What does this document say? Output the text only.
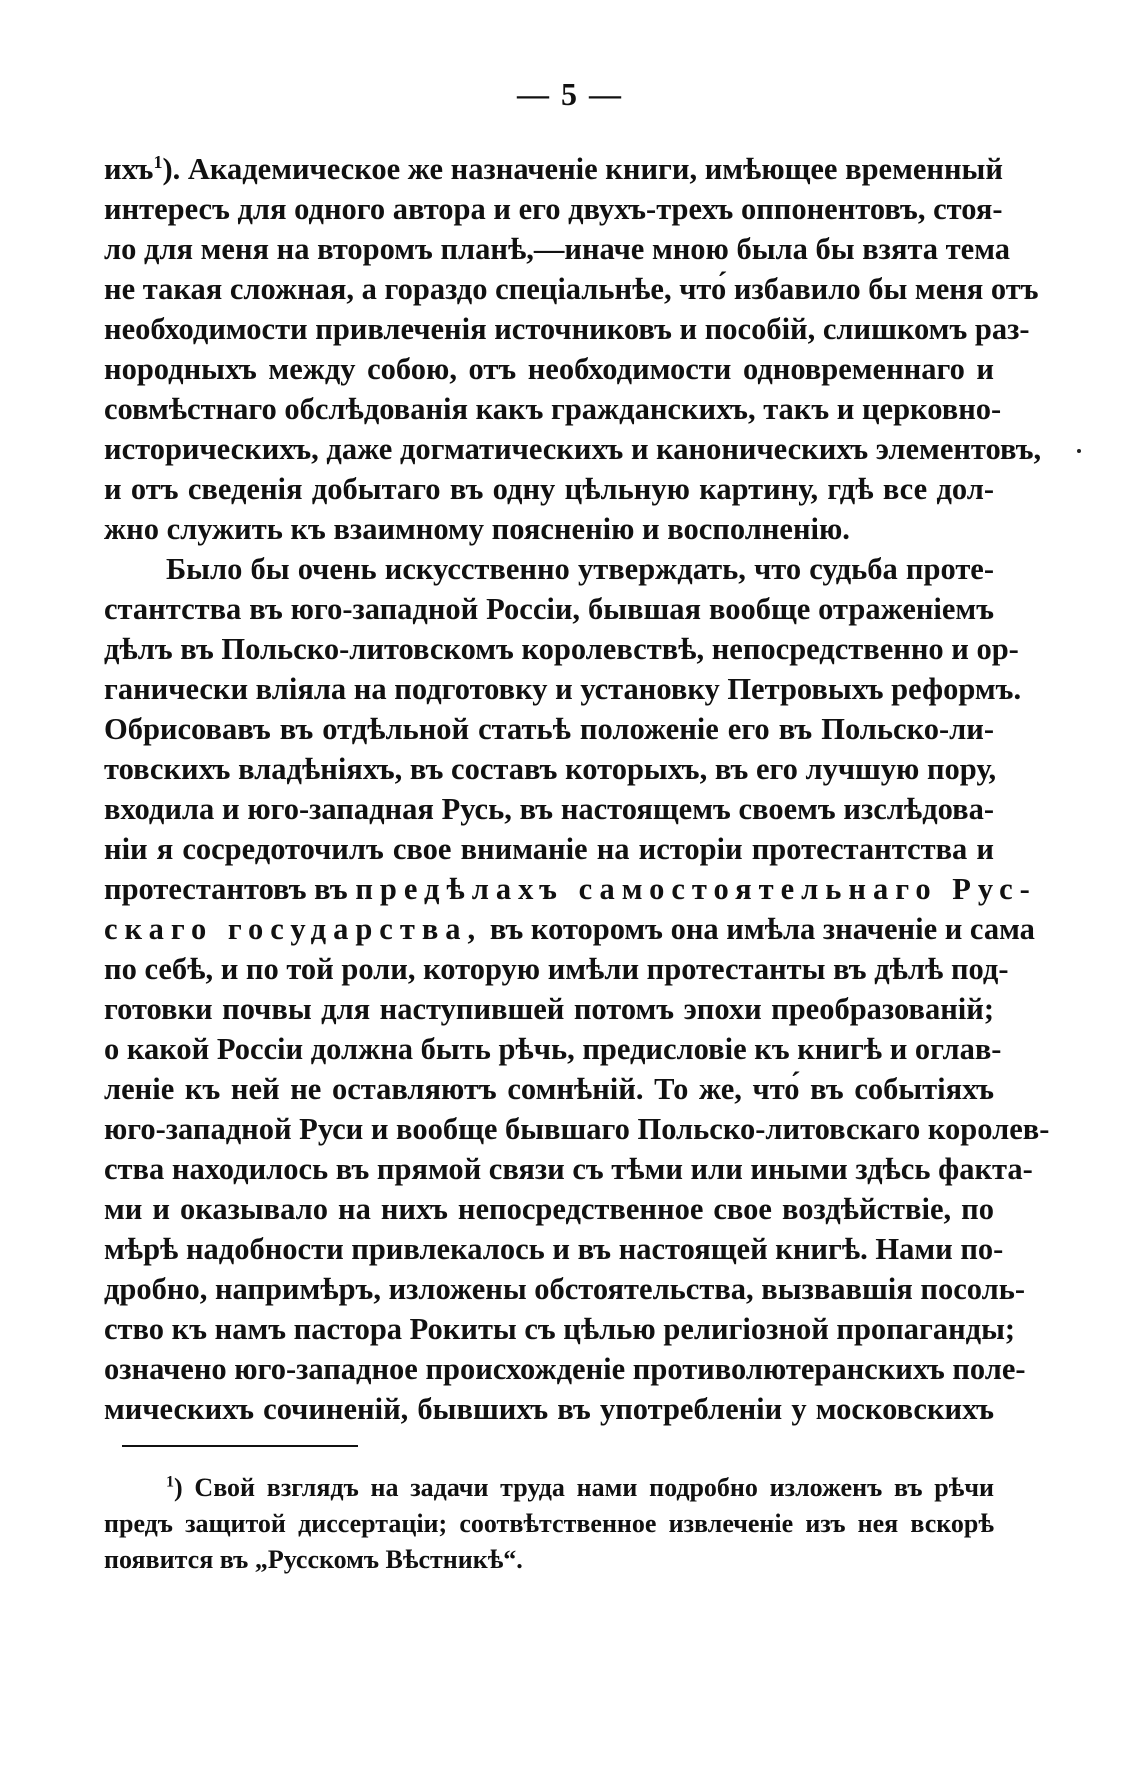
— 5 —
ихъ$^1$). Академическое же назначеніе книги, имѣющее временный
интересъ для одного автора и его двухъ-трехъ оппонентовъ, стоя-
ло для меня на второмъ планѣ,—иначе мною была бы взята тема
не такая сложная, а гораздо спеціальнѣе, что́ избавило бы меня отъ
необходимости привлеченія источниковъ и пособій, слишкомъ раз-
нородныхъ между собою, отъ необходимости одновременнаго и
совмѣстнаго обслѣдованія какъ гражданскихъ, такъ и церковно-
историческихъ, даже догматическихъ и каноническихъ элементовъ,
и отъ сведенія добытаго въ одну цѣльную картину, гдѣ все дол-
жно служить къ взаимному поясненію и восполненію.
Было бы очень искусственно утверждать, что судьба проте-
стантства въ юго-западной Россіи, бывшая вообще отраженіемъ
дѣлъ въ Польско-литовскомъ королевствѣ, непосредственно и ор-
ганически вліяла на подготовку и установку Петровыхъ реформъ.
Обрисовавъ въ отдѣльной статьѣ положеніе его въ Польско-ли-
товскихъ владѣніяхъ, въ составъ которыхъ, въ его лучшую пору,
входила и юго-западная Русь, въ настоящемъ своемъ изслѣдова-
ніи я сосредоточилъ свое вниманіе на исторіи протестантства и
протестантовъ въ предѣлахъ самостоятельнаго Рус-
скаго государства, въ которомъ она имѣла значеніе и сама
по себѣ, и по той роли, которую имѣли протестанты въ дѣлѣ под-
готовки почвы для наступившей потомъ эпохи преобразованій;
о какой Россіи должна быть рѣчь, предисловіе къ книгѣ и оглав-
леніе къ ней не оставляютъ сомнѣній. То же, что́ въ событіяхъ
юго-западной Руси и вообще бывшаго Польско-литовскаго королев-
ства находилось въ прямой связи съ тѣми или иными здѣсь факта-
ми и оказывало на нихъ непосредственное свое воздѣйствіе, по
мѣрѣ надобности привлекалось и въ настоящей книгѣ. Нами по-
дробно, напримѣръ, изложены обстоятельства, вызвавшія посоль-
ство къ намъ пастора Рокиты съ цѣлью религіозной пропаганды;
означено юго-западное происхожденіе противолютеранскихъ поле-
мическихъ сочиненій, бывшихъ въ употребленіи у московскихъ
$^1$) Свой взглядъ на задачи труда нами подробно изложенъ въ рѣчи
предъ защитой диссертаціи; соотвѣтственное извлеченіе изъ нея вскорѣ
появится въ „Русскомъ Вѣстникѣ“.
